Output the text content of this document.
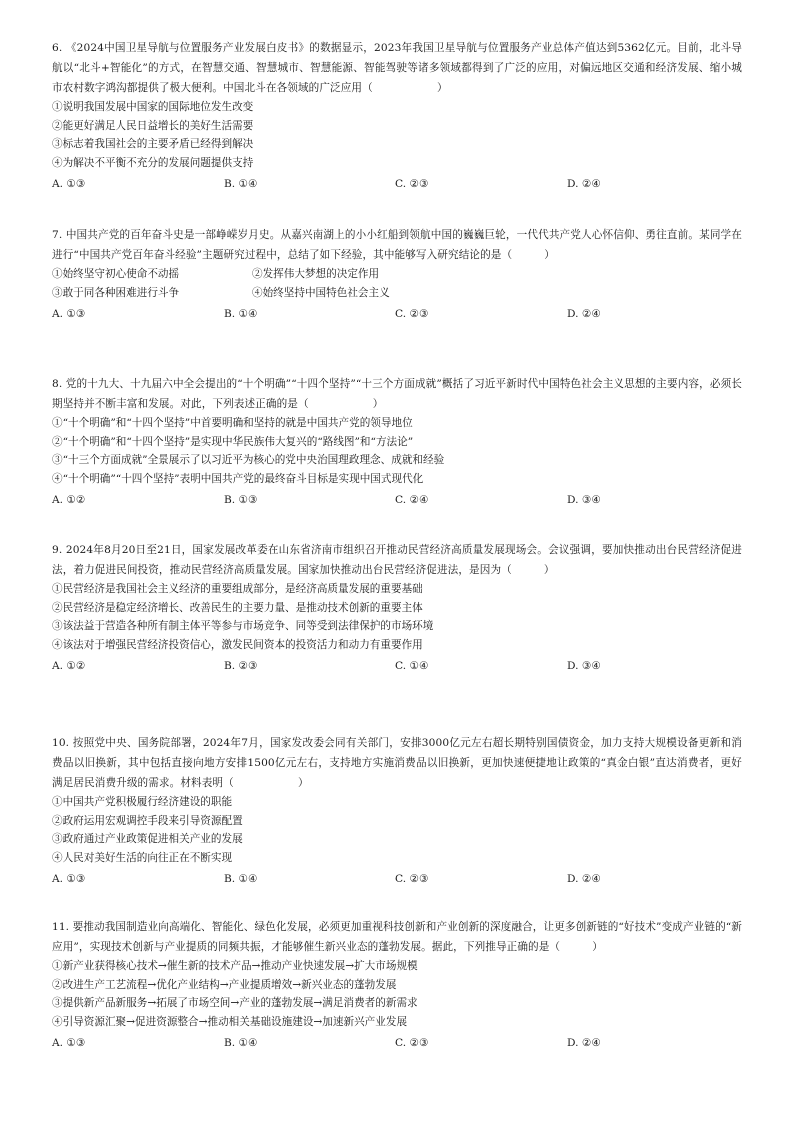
6. 《2024中国卫星导航与位置服务产业发展白皮书》的数据显示，2023年我国卫星导航与位置服务产业总体产值达到5362亿元。目前，北斗导航以“北斗+智能化”的方式，在智慧交通、智慧城市、智慧能源、智能驾驶等诸多领域都得到了广泛的应用，对偏远地区交通和经济发展、缩小城市农村数字鸿沟都提供了极大便利。中国北斗在各领域的广泛应用（　　　　　　）

①说明我国发展中国家的国际地位发生改变

②能更好满足人民日益增长的美好生活需要

③标志着我国社会的主要矛盾已经得到解决

④为解决不平衡不充分的发展问题提供支持

A. ①③	B. ①④	C. ②③	D. ②④

7. 中国共产党的百年奋斗史是一部峥嵘岁月史。从嘉兴南湖上的小小红船到领航中国的巍巍巨轮，一代代共产党人心怀信仰、勇往直前。某同学在进行“中国共产党百年奋斗经验”主题研究过程中，总结了如下经验，其中能够写入研究结论的是（　　　）

①始终坚守初心使命不动摇	②发挥伟大梦想的决定作用

③敢于同各种困难进行斗争	④始终坚持中国特色社会主义

A. ①③	B. ①④	C. ②③	D. ②④

8. 党的十九大、十九届六中全会提出的“十个明确”“十四个坚持”“十三个方面成就”概括了习近平新时代中国特色社会主义思想的主要内容，必须长期坚持并不断丰富和发展。对此，下列表述正确的是（　　　　　　）

①“十个明确”和“十四个坚持”中首要明确和坚持的就是中国共产党的领导地位

②“十个明确”和“十四个坚持”是实现中华民族伟大复兴的“路线图”和“方法论”

③“十三个方面成就”全景展示了以习近平为核心的党中央治国理政理念、成就和经验

④“十个明确”“十四个坚持”表明中国共产党的最终奋斗目标是实现中国式现代化

A. ①②	B. ①③	C. ②④	D. ③④

9. 2024年8月20日至21日，国家发展改革委在山东省济南市组织召开推动民营经济高质量发展现场会。会议强调，要加快推动出台民营经济促进法，着力促进民间投资，推动民营经济高质量发展。国家加快推动出台民营经济促进法，是因为（　　　）

①民营经济是我国社会主义经济的重要组成部分，是经济高质量发展的重要基础

②民营经济是稳定经济增长、改善民生的主要力量、是推动技术创新的重要主体

③该法益于营造各种所有制主体平等参与市场竞争、同等受到法律保护的市场环境

④该法对于增强民营经济投资信心，激发民间资本的投资活力和动力有重要作用

A. ①②	B. ②③	C. ①④	D. ③④

10. 按照党中央、国务院部署，2024年7月，国家发改委会同有关部门，安排3000亿元左右超长期特别国债资金，加力支持大规模设备更新和消费品以旧换新，其中包括直接向地方安排1500亿元左右，支持地方实施消费品以旧换新，更加快速便捷地让政策的“真金白银”直达消费者，更好满足居民消费升级的需求。材料表明（　　　　　　）

①中国共产党积极履行经济建设的职能

②政府运用宏观调控手段来引导资源配置

③政府通过产业政策促进相关产业的发展

④人民对美好生活的向往正在不断实现

A. ①③	B. ①④	C. ②③	D. ②④

11. 要推动我国制造业向高端化、智能化、绿色化发展，必须更加重视科技创新和产业创新的深度融合，让更多创新链的“好技术”变成产业链的“新应用”，实现技术创新与产业提质的同频共振，才能够催生新兴业态的蓬勃发展。据此，下列推导正确的是（　　　）

①新产业获得核心技术→催生新的技术产品→推动产业快速发展→扩大市场规模

②改进生产工艺流程→优化产业结构→产业提质增效→新兴业态的蓬勃发展

③提供新产品新服务→拓展了市场空间→产业的蓬勃发展→满足消费者的新需求

④引导资源汇聚→促进资源整合→推动相关基础设施建设→加速新兴产业发展

A. ①③	B. ①④	C. ②③	D. ②④
